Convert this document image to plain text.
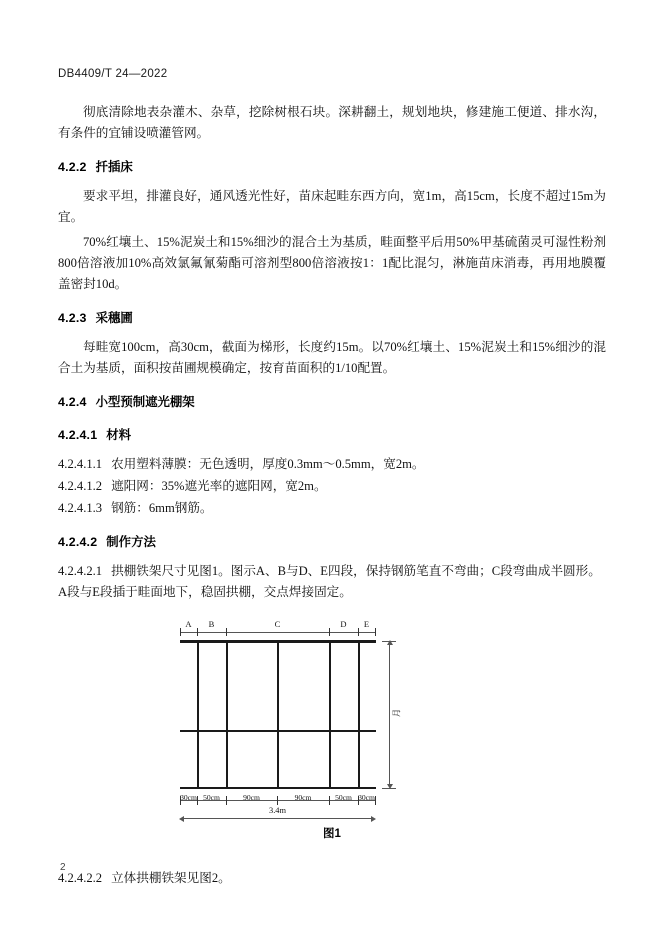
DB4409/T 24—2022

彻底清除地表杂灌木、杂草，挖除树根石块。深耕翻土，规划地块，修建施工便道、排水沟，有条件的宜铺设喷灌管网。

4.2.2 扦插床

要求平坦，排灌良好，通风透光性好，苗床起畦东西方向，宽1m，高15cm，长度不超过15m为宜。

70%红壤土、15%泥炭土和15%细沙的混合土为基质，畦面整平后用50%甲基硫菌灵可湿性粉剂800倍溶液加10%高效氯氟氰菊酯可溶剂型800倍溶液按1：1配比混匀，淋施苗床消毒，再用地膜覆盖密封10d。

4.2.3 采穗圃

每畦宽100cm，高30cm，截面为梯形，长度约15m。以70%红壤土、15%泥炭土和15%细沙的混合土为基质，面积按苗圃规模确定，按育苗面积的1/10配置。

4.2.4 小型预制遮光棚架
4.2.4.1 材料

4.2.4.1.1 农用塑料薄膜：无色透明，厚度0.3mm～0.5mm，宽2m。

4.2.4.1.2 遮阳网：35%遮光率的遮阳网，宽2m。

4.2.4.1.3 钢筋：6mm钢筋。

4.2.4.2 制作方法

4.2.4.2.1 拱棚铁架尺寸见图1。图示A、B与D、E四段，保持钢筋笔直不弯曲；C段弯曲成半圆形。A段与E段插于畦面地下，稳固拱棚，交点焊接固定。

A	B	C	D	E
30cm 50cm	90cm	90cm	50cm 30cm
3.4m
月
图1

4.2.4.2.2 立体拱棚铁架见图2。

2
